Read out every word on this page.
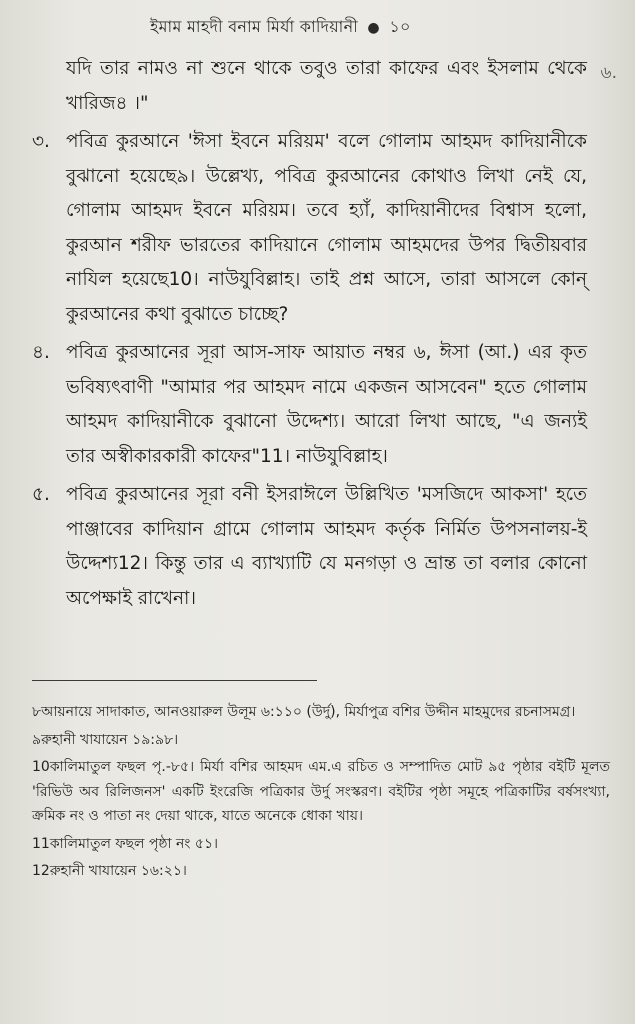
ইমাম মাহদী বনাম মির্যা কাদিয়ানী ● ১০
৬.

যদি তার নামও না শুনে থাকে তবুও তারা কাফের এবং ইসলাম থেকে খারিজ৪ ।"

৩. পবিত্র কুরআনে 'ঈসা ইবনে মরিয়ম' বলে গোলাম আহমদ কাদিয়ানীকে বুঝানো হয়েছে৯। উল্লেখ্য, পবিত্র কুরআনের কোথাও লিখা নেই যে, গোলাম আহমদ ইবনে মরিয়ম। তবে হ্যাঁ, কাদিয়ানীদের বিশ্বাস হলো, কুরআন শরীফ ভারতের কাদিয়ানে গোলাম আহমদের উপর দ্বিতীয়বার নাযিল হয়েছে10। নাউযুবিল্লাহ। তাই প্রশ্ন আসে, তারা আসলে কোন্ কুরআনের কথা বুঝাতে চাচ্ছে?

৪. পবিত্র কুরআনের সূরা আস-সাফ আয়াত নম্বর ৬, ঈসা (আ.) এর কৃত ভবিষ্যৎবাণী "আমার পর আহমদ নামে একজন আসবেন" হতে গোলাম আহমদ কাদিয়ানীকে বুঝানো উদ্দেশ্য। আরো লিখা আছে, "এ জন্যই তার অস্বীকারকারী কাফের"11। নাউযুবিল্লাহ।

৫. পবিত্র কুরআনের সূরা বনী ইসরাঈলে উল্লিখিত 'মসজিদে আকসা' হতে পাঞ্জাবের কাদিয়ান গ্রামে গোলাম আহমদ কর্তৃক নির্মিত উপসনালয়-ই উদ্দেশ্য12। কিন্তু তার এ ব্যাখ্যাটি যে মনগড়া ও ভ্রান্ত তা বলার কোনো অপেক্ষাই রাখেনা।

৮আয়নায়ে সাদাকাত, আনওয়ারুল উলূম ৬:১১০ (উর্দু), মির্যাপুত্র বশির উদ্দীন মাহমুদের রচনাসমগ্র।

৯রুহানী খাযায়েন ১৯:৯৮।

10কালিমাতুল ফছল পৃ.-৮৫। মির্যা বশির আহমদ এম.এ রচিত ও সম্পাদিত মোট ৯৫ পৃষ্ঠার বইটি মূলত 'রিভিউ অব রিলিজনস' একটি ইংরেজি পত্রিকার উর্দু সংস্করণ। বইটির পৃষ্ঠা সমূহে পত্রিকাটির বর্ষসংখ্যা, ক্রমিক নং ও পাতা নং দেয়া থাকে, যাতে অনেকে ধোকা খায়।

11কালিমাতুল ফছল পৃষ্ঠা নং ৫১।

12রুহানী খাযায়েন ১৬:২১।
